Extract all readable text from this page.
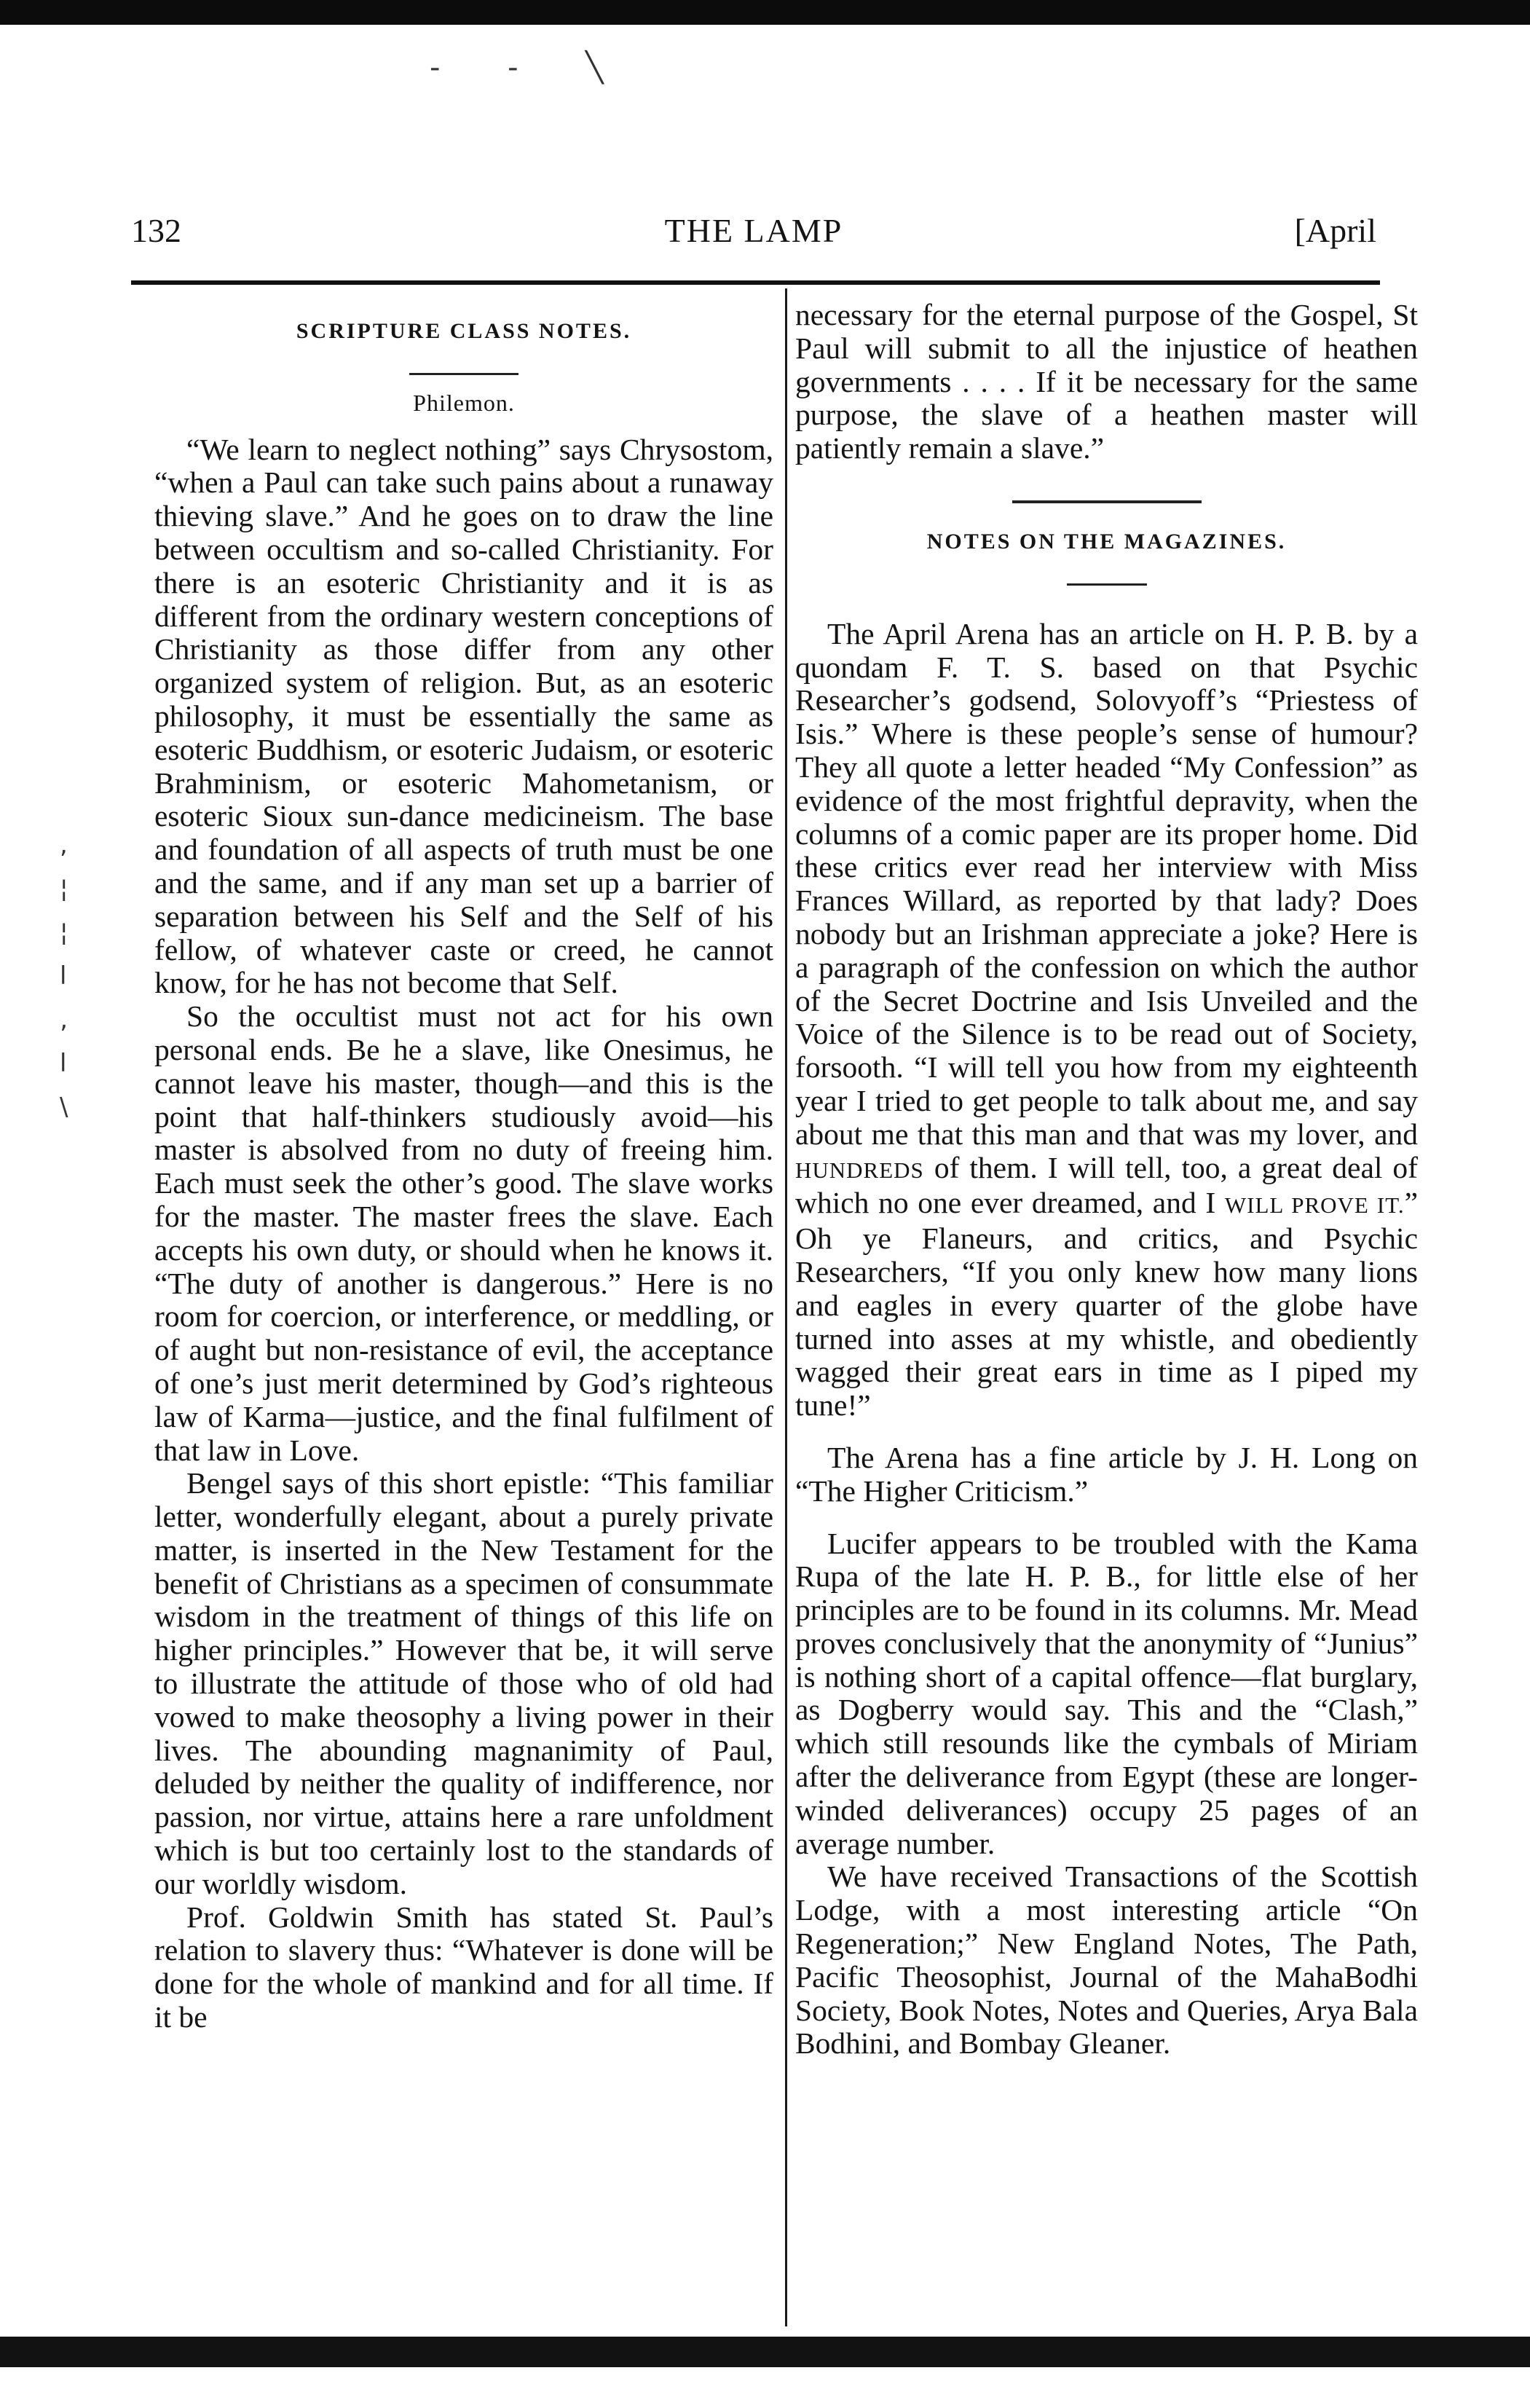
‐ ‐ ╲
132	THE LAMP	[April
,
¦
¦
l
‚
l
\
SCRIPTURE CLASS NOTES.
Philemon.

“We learn to neglect nothing” says Chrysostom, “when a Paul can take such pains about a runaway thieving slave.” And he goes on to draw the line between occultism and so-called Christianity. For there is an esoteric Christianity and it is as different from the ordinary western conceptions of Christianity as those differ from any other organized system of religion. But, as an esoteric philosophy, it must be essentially the same as esoteric Buddhism, or esoteric Judaism, or esoteric Brahminism, or esoteric Mahometanism, or esoteric Sioux sun-dance medicineism. The base and foundation of all aspects of truth must be one and the same, and if any man set up a barrier of separation between his Self and the Self of his fellow, of whatever caste or creed, he cannot know, for he has not become that Self.

So the occultist must not act for his own personal ends. Be he a slave, like Onesimus, he cannot leave his master, though—and this is the point that half-thinkers studiously avoid—his master is absolved from no duty of freeing him. Each must seek the other’s good. The slave works for the master. The master frees the slave. Each accepts his own duty, or should when he knows it. “The duty of another is dangerous.” Here is no room for coercion, or interference, or meddling, or of aught but non-resistance of evil, the acceptance of one’s just merit determined by God’s righteous law of Karma—justice, and the final fulfilment of that law in Love.

Bengel says of this short epistle: “This familiar letter, wonderfully elegant, about a purely private matter, is inserted in the New Testament for the benefit of Christians as a specimen of consummate wisdom in the treatment of things of this life on higher principles.” However that be, it will serve to illustrate the attitude of those who of old had vowed to make theosophy a living power in their lives. The abounding magnanimity of Paul, deluded by neither the quality of indifference, nor passion, nor virtue, attains here a rare unfoldment which is but too certainly lost to the standards of our worldly wisdom.

Prof. Goldwin Smith has stated St. Paul’s relation to slavery thus: “Whatever is done will be done for the whole of mankind and for all time. If it be

necessary for the eternal purpose of the Gospel, St Paul will submit to all the injustice of heathen governments . . . . If it be necessary for the same purpose, the slave of a heathen master will patiently remain a slave.”

NOTES ON THE MAGAZINES.

The April Arena has an article on H. P. B. by a quondam F. T. S. based on that Psychic Researcher’s godsend, Solovyoff’s “Priestess of Isis.” Where is these people’s sense of humour? They all quote a letter headed “My Confession” as evidence of the most frightful depravity, when the columns of a comic paper are its proper home. Did these critics ever read her interview with Miss Frances Willard, as reported by that lady? Does nobody but an Irishman appreciate a joke? Here is a paragraph of the confession on which the author of the Secret Doctrine and Isis Unveiled and the Voice of the Silence is to be read out of Society, forsooth. “I will tell you how from my eighteenth year I tried to get people to talk about me, and say about me that this man and that was my lover, and HUNDREDS of them. I will tell, too, a great deal of which no one ever dreamed, and I WILL PROVE IT.” Oh ye Flaneurs, and critics, and Psychic Researchers, “If you only knew how many lions and eagles in every quarter of the globe have turned into asses at my whistle, and obediently wagged their great ears in time as I piped my tune!”

The Arena has a fine article by J. H. Long on “The Higher Criticism.”

Lucifer appears to be troubled with the Kama Rupa of the late H. P. B., for little else of her principles are to be found in its columns. Mr. Mead proves conclusively that the anonymity of “Junius” is nothing short of a capital offence—flat burglary, as Dogberry would say. This and the “Clash,” which still resounds like the cymbals of Miriam after the deliverance from Egypt (these are longer-winded deliverances) occupy 25 pages of an average number.

We have received Transactions of the Scottish Lodge, with a most interesting article “On Regeneration;” New England Notes, The Path, Pacific Theosophist, Journal of the MahaBodhi Society, Book Notes, Notes and Queries, Arya Bala Bodhini, and Bombay Gleaner.
